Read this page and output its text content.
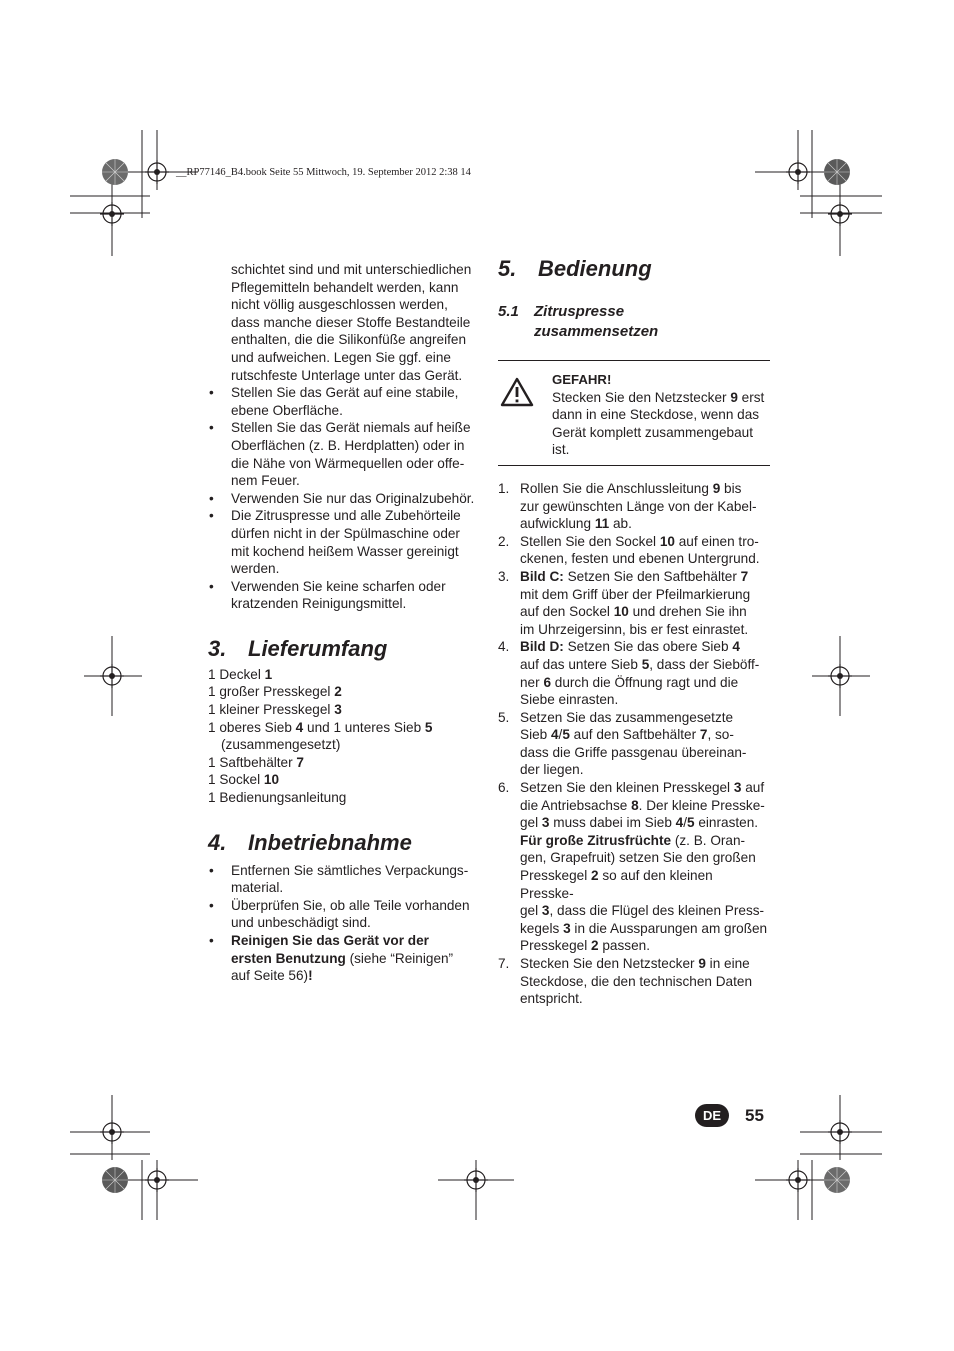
__RP77146_B4.book Seite 55 Mittwoch, 19. September 2012 2:38 14
schichtet sind und mit unterschiedlichen
Pflegemitteln behandelt werden, kann
nicht völlig ausgeschlossen werden,
dass manche dieser Stoffe Bestandteile
enthalten, die die Silikonfüße angreifen
und aufweichen. Legen Sie ggf. eine
rutschfeste Unterlage unter das Gerät.
• Stellen Sie das Gerät auf eine stabile,
ebene Oberfläche.
• Stellen Sie das Gerät niemals auf heiße
Oberflächen (z. B. Herdplatten) oder in
die Nähe von Wärmequellen oder offe-
nem Feuer.
• Verwenden Sie nur das Originalzubehör.
• Die Zitruspresse und alle Zubehörteile
dürfen nicht in der Spülmaschine oder
mit kochend heißem Wasser gereinigt
werden.
• Verwenden Sie keine scharfen oder
kratzenden Reinigungsmittel.
3. Lieferumfang
1 Deckel 1
1 großer Presskegel 2
1 kleiner Presskegel 3
1 oberes Sieb 4 und 1 unteres Sieb 5
(zusammengesetzt)
1 Saftbehälter 7
1 Sockel 10
1 Bedienungsanleitung
4. Inbetriebnahme
• Entfernen Sie sämtliches Verpackungs-
material.
• Überprüfen Sie, ob alle Teile vorhanden
und unbeschädigt sind.
• Reinigen Sie das Gerät vor der
ersten Benutzung (siehe “Reinigen”
auf Seite 56)!
5. Bedienung
5.1 Zitruspresse
zusammensetzen
GEFAHR!
Stecken Sie den Netzstecker 9 erst
dann in eine Steckdose, wenn das
Gerät komplett zusammengebaut
ist.
1. Rollen Sie die Anschlussleitung 9 bis
zur gewünschten Länge von der Kabel-
aufwicklung 11 ab.
2. Stellen Sie den Sockel 10 auf einen tro-
ckenen, festen und ebenen Untergrund.
3. Bild C: Setzen Sie den Saftbehälter 7
mit dem Griff über der Pfeilmarkierung
auf den Sockel 10 und drehen Sie ihn
im Uhrzeigersinn, bis er fest einrastet.
4. Bild D: Setzen Sie das obere Sieb 4
auf das untere Sieb 5, dass der Sieböff-
ner 6 durch die Öffnung ragt und die
Siebe einrasten.
5. Setzen Sie das zusammengesetzte
Sieb 4/5 auf den Saftbehälter 7, so-
dass die Griffe passgenau übereinan-
der liegen.
6. Setzen Sie den kleinen Presskegel 3 auf
die Antriebsachse 8. Der kleine Presske-
gel 3 muss dabei im Sieb 4/5 einrasten.
Für große Zitrusfrüchte (z. B. Oran-
gen, Grapefruit) setzen Sie den großen
Presskegel 2 so auf den kleinen Presske-
gel 3, dass die Flügel des kleinen Press-
kegels 3 in die Aussparungen am großen
Presskegel 2 passen.
7. Stecken Sie den Netzstecker 9 in eine
Steckdose, die den technischen Daten
entspricht.
DE	55
